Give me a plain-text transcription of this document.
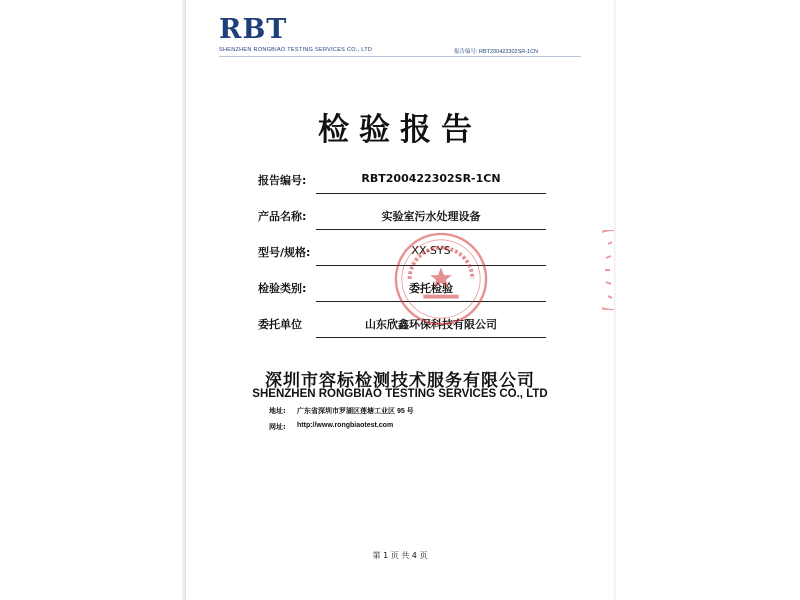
RBT
SHENZHEN RONGBIAO TESTING SERVICES CO., LTD	报告编号: RBT200422302SR-1CN
检验报告
报告编号:	RBT200422302SR-1CN
产品名称:	实验室污水处理设备
型号/规格:	XX-SYS
检验类别:	委托检验
委托单位	山东欣鑫环保科技有限公司
深圳市容标检测技术服务有限公司
SHENZHEN RONGBIAO TESTING SERVICES CO., LTD
地址: 广东省深圳市罗湖区莲塘工业区 95 号
网址: http://www.rongbiaotest.com
第 1 页 共 4 页
